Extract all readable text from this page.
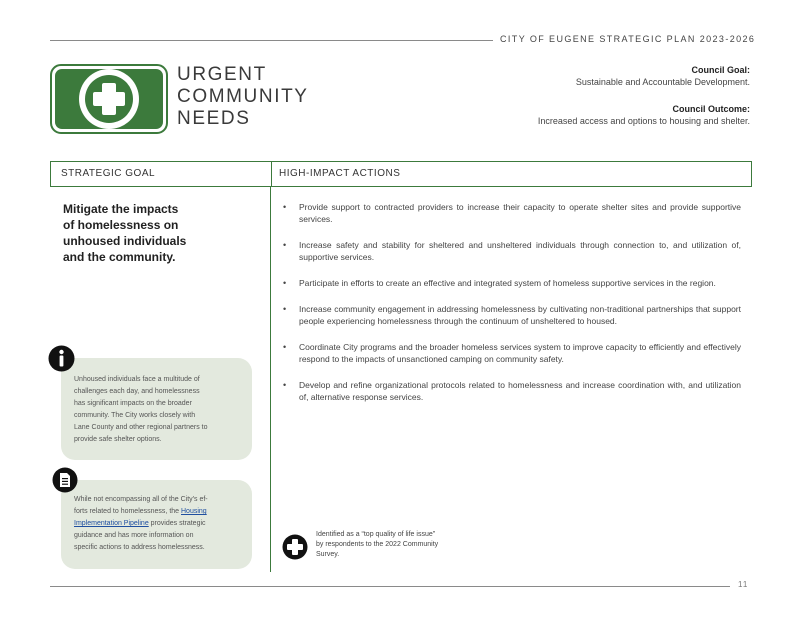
CITY OF EUGENE STRATEGIC PLAN 2023-2026
URGENT
COMMUNITY
NEEDS
Council Goal:
Sustainable and Accountable Development.
Council Outcome:
Increased access and options to housing and shelter.
STRATEGIC GOAL	HIGH-IMPACT ACTIONS
Mitigate the impacts
of homelessness on
unhoused individuals
and the community.
• Provide support to contracted providers to increase their capacity to operate shelter sites and provide supportive services.
• Increase safety and stability for sheltered and unsheltered individuals through connection to, and utilization of, supportive services.
• Participate in efforts to create an effective and integrated system of homeless supportive services in the region.
• Increase community engagement in addressing homelessness by cultivating non-traditional partnerships that support people experiencing homelessness through the continuum of unsheltered to housed.
• Coordinate City programs and the broader homeless services system to improve capacity to efficiently and effectively respond to the impacts of unsanctioned camping on community safety.
• Develop and refine organizational protocols related to homelessness and increase coordination with, and utilization of, alternative response services.
Unhoused individuals face a multitude of
challenges each day, and homelessness
has significant impacts on the broader
community. The City works closely with
Lane County and other regional partners to
provide safe shelter options.
While not encompassing all of the City's ef-
forts related to homelessness, the Housing
Implementation Pipeline provides strategic
guidance and has more information on
specific actions to address homelessness.
Identified as a “top quality of life issue”
by respondents to the 2022 Community
Survey.
11
